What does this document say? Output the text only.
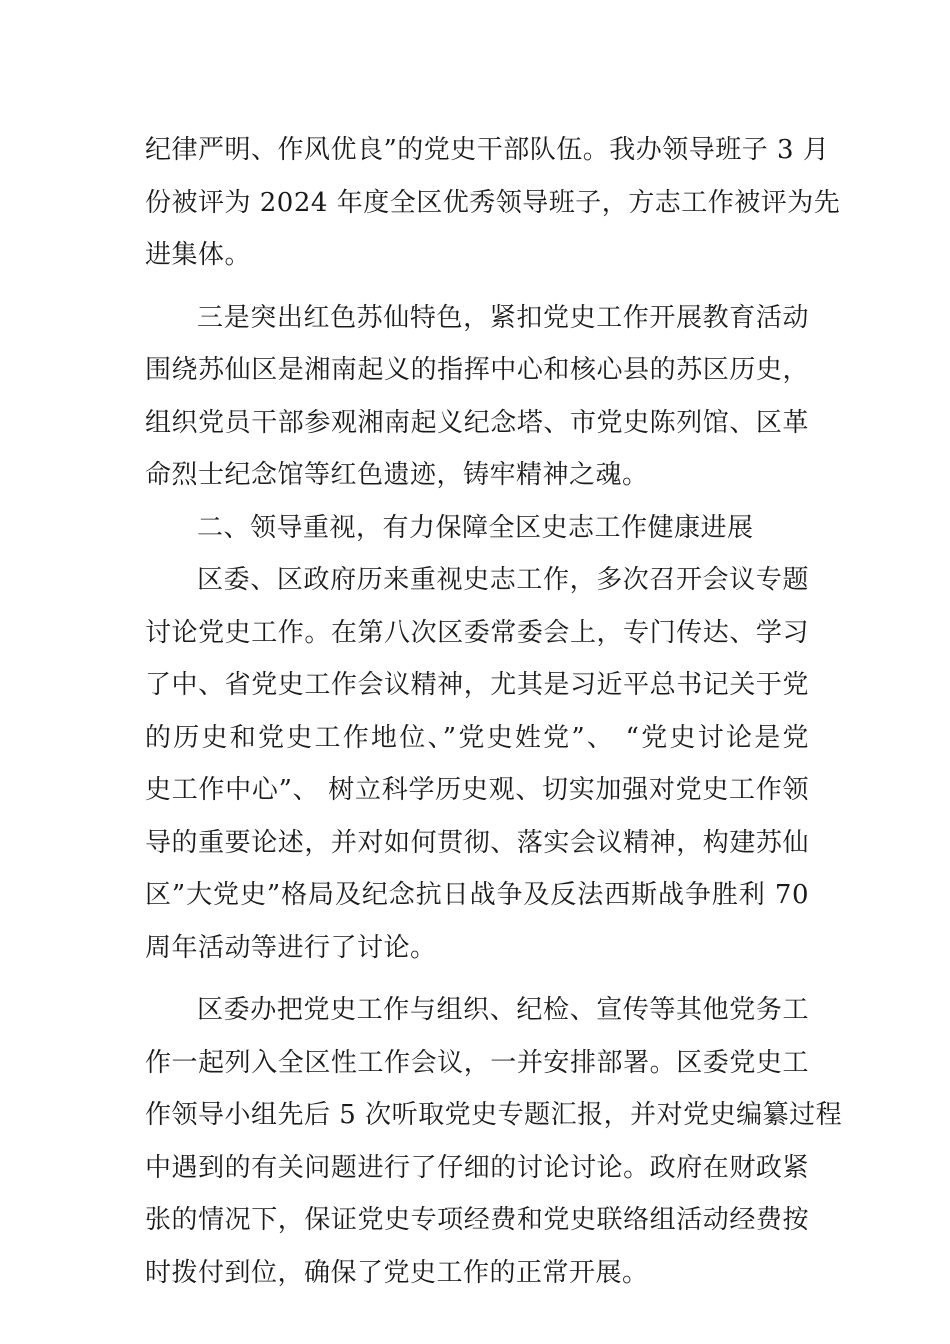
纪律严明、作风优良”的党史干部队伍。我办领导班子 3 月
份被评为 2024 年度全区优秀领导班子，方志工作被评为先
进集体。
三是突出红色苏仙特色，紧扣党史工作开展教育活动
围绕苏仙区是湘南起义的指挥中心和核心县的苏区历史，
组织党员干部参观湘南起义纪念塔、市党史陈列馆、区革
命烈士纪念馆等红色遗迹，铸牢精神之魂。
二、领导重视，有力保障全区史志工作健康进展
区委、区政府历来重视史志工作，多次召开会议专题
讨论党史工作。在第八次区委常委会上，专门传达、学习
了中、省党史工作会议精神，尤其是习近平总书记关于党
的历史和党史工作地位、”党史姓党”、 “党史讨论是党
史工作中心”、 树立科学历史观、切实加强对党史工作领
导的重要论述，并对如何贯彻、落实会议精神，构建苏仙
区”大党史”格局及纪念抗日战争及反法西斯战争胜利 70
周年活动等进行了讨论。
区委办把党史工作与组织、纪检、宣传等其他党务工
作一起列入全区性工作会议，一并安排部署。区委党史工
作领导小组先后 5 次听取党史专题汇报，并对党史编纂过程
中遇到的有关问题进行了仔细的讨论讨论。政府在财政紧
张的情况下，保证党史专项经费和党史联络组活动经费按
时拨付到位，确保了党史工作的正常开展。
